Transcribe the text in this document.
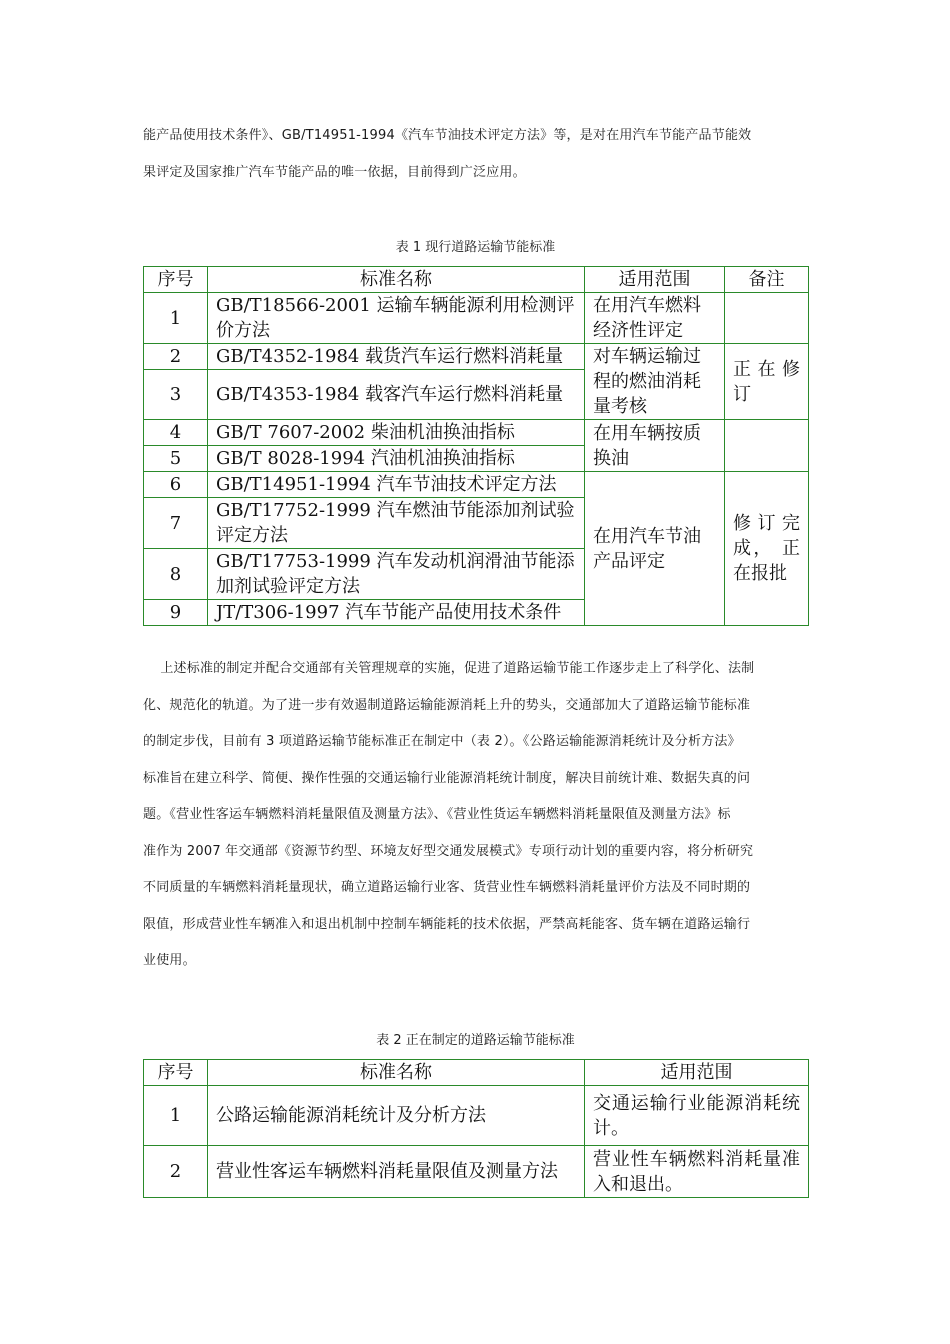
能产品使用技术条件》、GB/T14951-1994《汽车节油技术评定方法》等，是对在用汽车节能产品节能效

果评定及国家推广汽车节能产品的唯一依据，目前得到广泛应用。

表 1 现行道路运输节能标准

序号	标准名称	适用范围	备注
1	GB/T18566-2001 运输车辆能源利用检测评价方法	在用汽车燃料经济性评定	
2	GB/T4352-1984 载货汽车运行燃料消耗量	对车辆运输过程的燃油消耗量考核	正 在 修订
3	GB/T4353-1984 载客汽车运行燃料消耗量		
4	GB/T 7607-2002 柴油机油换油指标	在用车辆按质换油	
5	GB/T 8028-1994 汽油机油换油指标		
6	GB/T14951-1994 汽车节油技术评定方法	在用汽车节油产品评定	修 订 完成， 正在报批
7	GB/T17752-1999 汽车燃油节能添加剂试验评定方法		
8	GB/T17753-1999 汽车发动机润滑油节能添加剂试验评定方法		
9	JT/T306-1997 汽车节能产品使用技术条件		

上述标准的制定并配合交通部有关管理规章的实施，促进了道路运输节能工作逐步走上了科学化、法制

化、规范化的轨道。为了进一步有效遏制道路运输能源消耗上升的势头，交通部加大了道路运输节能标准

的制定步伐，目前有 3 项道路运输节能标准正在制定中（表 2）。《公路运输能源消耗统计及分析方法》

标准旨在建立科学、简便、操作性强的交通运输行业能源消耗统计制度，解决目前统计难、数据失真的问

题。《营业性客运车辆燃料消耗量限值及测量方法》、《营业性货运车辆燃料消耗量限值及测量方法》标

准作为 2007 年交通部《资源节约型、环境友好型交通发展模式》专项行动计划的重要内容，将分析研究

不同质量的车辆燃料消耗量现状，确立道路运输行业客、货营业性车辆燃料消耗量评价方法及不同时期的

限值，形成营业性车辆准入和退出机制中控制车辆能耗的技术依据，严禁高耗能客、货车辆在道路运输行

业使用。

表 2 正在制定的道路运输节能标准

序号	标准名称	适用范围
1	公路运输能源消耗统计及分析方法	交通运输行业能源消耗统计。
2	营业性客运车辆燃料消耗量限值及测量方法	营业性车辆燃料消耗量准入和退出。
